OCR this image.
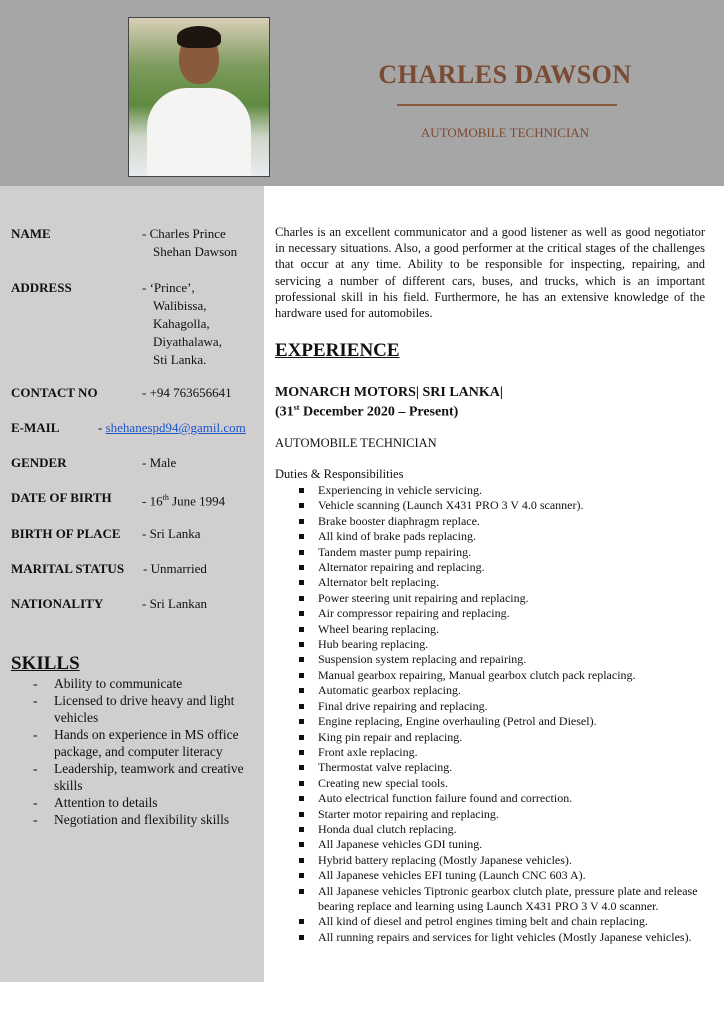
CHARLES DAWSON
AUTOMOBILE TECHNICIAN
NAME	- Charles Prince
Shehan Dawson
ADDRESS	- ‘Prince’,
Walibissa,
Kahagolla,
Diyathalawa,
Sti Lanka.
CONTACT NO	- +94 763656641
E-MAIL	- shehanespd94@gamil.com
GENDER	- Male
DATE OF BIRTH - 16th June 1994
BIRTH OF PLACE - Sri Lanka
MARITAL STATUS - Unmarried
NATIONALITY	- Sri Lankan
SKILLS
- Ability to communicate
- Licensed to drive heavy and light vehicles
- Hands on experience in MS office package, and computer literacy
- Leadership, teamwork and creative skills
- Attention to details
- Negotiation and flexibility skills
Charles is an excellent communicator and a good listener as well as good negotiator in necessary situations. Also, a good performer at the critical stages of the challenges that occur at any time. Ability to be responsible for inspecting, repairing, and servicing a number of different cars, buses, and trucks, which is an important professional skill in his field. Furthermore, he has an extensive knowledge of the hardware used for automobiles.
EXPERIENCE
MONARCH MOTORS| SRI LANKA|
(31st December 2020 – Present)
AUTOMOBILE TECHNICIAN
Duties & Responsibilities
Experiencing in vehicle servicing.
Vehicle scanning (Launch X431 PRO 3 V 4.0 scanner).
Brake booster diaphragm replace.
All kind of brake pads replacing.
Tandem master pump repairing.
Alternator repairing and replacing.
Alternator belt replacing.
Power steering unit repairing and replacing.
Air compressor repairing and replacing.
Wheel bearing replacing.
Hub bearing replacing.
Suspension system replacing and repairing.
Manual gearbox repairing, Manual gearbox clutch pack replacing.
Automatic gearbox replacing.
Final drive repairing and replacing.
Engine replacing, Engine overhauling (Petrol and Diesel).
King pin repair and replacing.
Front axle replacing.
Thermostat valve replacing.
Creating new special tools.
Auto electrical function failure found and correction.
Starter motor repairing and replacing.
Honda dual clutch replacing.
All Japanese vehicles GDI tuning.
Hybrid battery replacing (Mostly Japanese vehicles).
All Japanese vehicles EFI tuning (Launch CNC 603 A).
All Japanese vehicles Tiptronic gearbox clutch plate, pressure plate and release bearing replace and learning using Launch X431 PRO 3 V 4.0 scanner.
All kind of diesel and petrol engines timing belt and chain replacing.
All running repairs and services for light vehicles (Mostly Japanese vehicles).
